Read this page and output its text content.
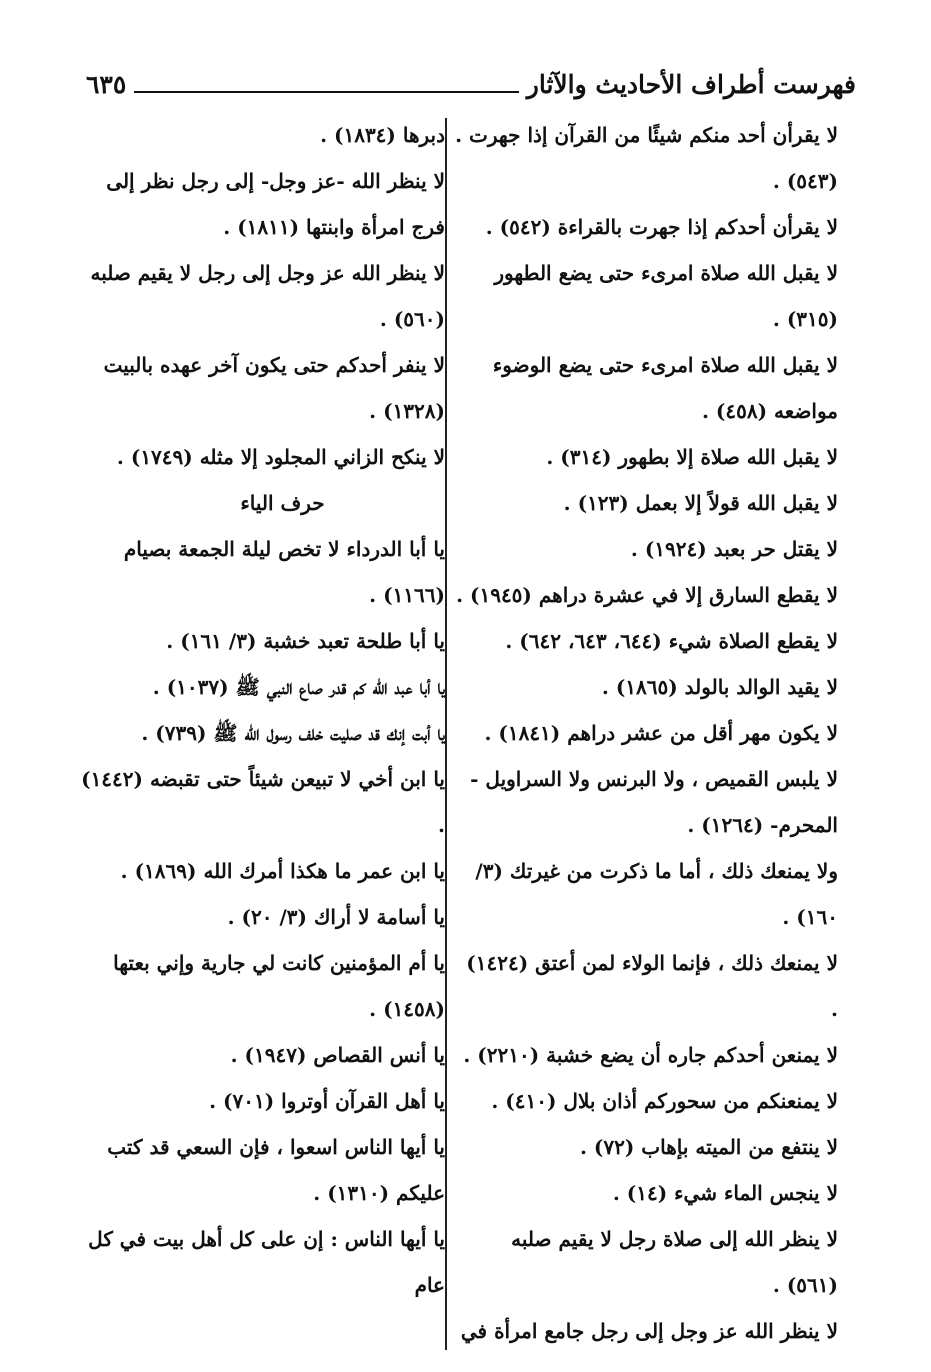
فهرست أطراف الأحاديث والآثار
٦٣٥

لا يقرأن أحد منكم شيئًا من القرآن إذا جهرت . (٥٤٣) .

لا يقرأن أحدكم إذا جهرت بالقراءة (٥٤٢) .

لا يقبل الله صلاة امرىء حتى يضع الطهور (٣١٥) .

لا يقبل الله صلاة امرىء حتى يضع الوضوء مواضعه (٤٥٨) .

لا يقبل الله صلاة إلا بطهور (٣١٤) .

لا يقبل الله قولاً إلا بعمل (١٢٣) .

لا يقتل حر بعبد (١٩٢٤) .

لا يقطع السارق إلا في عشرة دراهم (١٩٤٥) .

لا يقطع الصلاة شيء (٦٤٤، ٦٤٣، ٦٤٢) .

لا يقيد الوالد بالولد (١٨٦٥) .

لا يكون مهر أقل من عشر دراهم (١٨٤١) .

لا يلبس القميص ، ولا البرنس ولا السراويل - المحرم- (١٢٦٤) .

ولا يمنعك ذلك ، أما ما ذكرت من غيرتك (٣/ ١٦٠) .

لا يمنعك ذلك ، فإنما الولاء لمن أعتق (١٤٢٤) .

لا يمنعن أحدكم جاره أن يضع خشبة (٢٢١٠) .

لا يمنعنكم من سحوركم أذان بلال (٤١٠) .

لا ينتفع من الميته بإهاب (٧٢) .

لا ينجس الماء شيء (١٤) .

لا ينظر الله إلى صلاة رجل لا يقيم صلبه (٥٦١) .

لا ينظر الله عز وجل إلى رجل جامع امرأة في

دبرها (١٨٣٤) .

لا ينظر الله -عز وجل- إلى رجل نظر إلى فرج امرأة وابنتها (١٨١١) .

لا ينظر الله عز وجل إلى رجل لا يقيم صلبه (٥٦٠) .

لا ينفر أحدكم حتى يكون آخر عهده بالبيت (١٣٢٨) .

لا ينكح الزاني المجلود إلا مثله (١٧٤٩) .

حرف الياء

يا أبا الدرداء لا تخص ليلة الجمعة بصيام (١١٦٦) .

يا أبا طلحة تعبد خشبة (٣/ ١٦١) .

يا أبا عبد الله كم قدر صاع النبي ﷺ (١٠٣٧) .

يا أبت إنك قد صليت خلف رسول الله ﷺ (٧٣٩) .

يا ابن أخي لا تبيعن شيئاً حتى تقبضه (١٤٤٢) .

يا ابن عمر ما هكذا أمرك الله (١٨٦٩) .

يا أسامة لا أراك (٣/ ٢٠) .

يا أم المؤمنين كانت لي جارية وإني بعتها (١٤٥٨) .

يا أنس القصاص (١٩٤٧) .

يا أهل القرآن أوتروا (٧٠١) .

يا أيها الناس اسعوا ، فإن السعي قد كتب عليكم (١٣١٠) .

يا أيها الناس : إن على كل أهل بيت في كل عام
